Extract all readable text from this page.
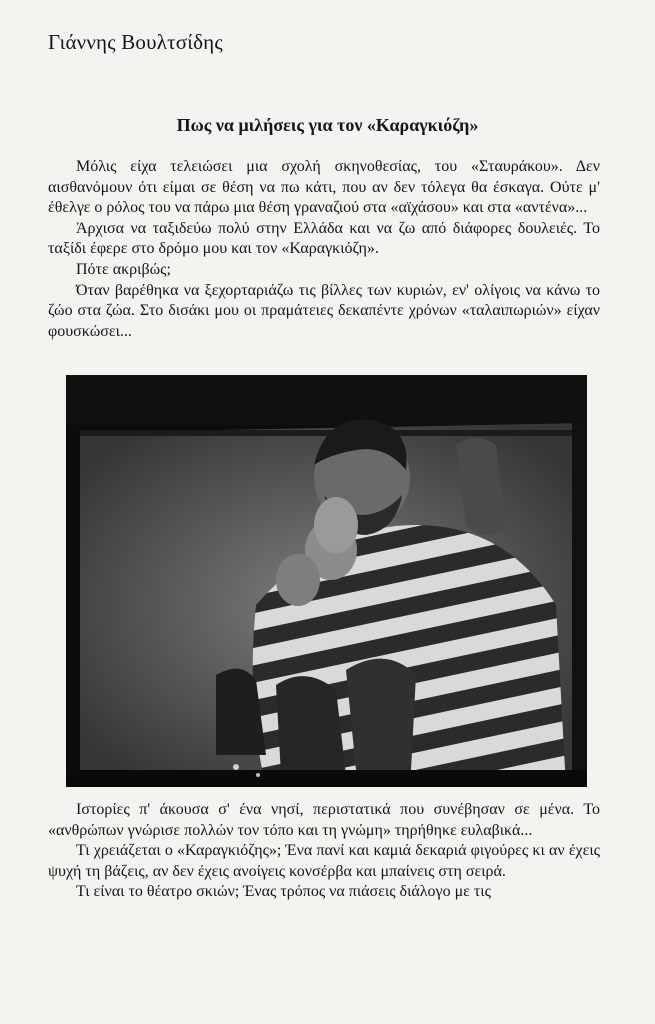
Γιάννης Βουλτσίδης
Πως να μιλήσεις για τον «Καραγκιόζη»

Μόλις είχα τελειώσει μια σχολή σκηνοθεσίας, του «Σταυράκου». Δεν αισθανόμουν ότι είμαι σε θέση να πω κάτι, που αν δεν τόλεγα θα έσκαγα. Ούτε μ' έθελγε ο ρόλος του να πάρω μια θέση γραναζιού στα «αϊχάσου» και στα «αντένα»...

Άρχισα να ταξιδεύω πολύ στην Ελλάδα και να ζω από διάφορες δουλειές. Το ταξίδι έφερε στο δρόμο μου και τον «Καραγκιόζη».

Πότε ακριβώς;

Όταν βαρέθηκα να ξεχορταριάζω τις βίλλες των κυριών, εν' ολίγοις να κάνω το ζώο στα ζώα. Στο δισάκι μου οι πραμάτειες δεκαπέντε χρόνων «ταλαιπωριών» είχαν φουσκώσει...

Ιστορίες π' άκουσα σ' ένα νησί, περιστατικά που συνέβησαν σε μένα. Το «ανθρώπων γνώρισε πολλών τον τόπο και τη γνώμη» τηρήθηκε ευλαβικά...

Τι χρειάζεται ο «Καραγκιόζης»; Ένα πανί και καμιά δεκαριά φιγούρες κι αν έχεις ψυχή τη βάζεις, αν δεν έχεις ανοίγεις κονσέρβα και μπαίνεις στη σειρά.

Τι είναι το θέατρο σκιών; Ένας τρόπος να πιάσεις διάλογο με τις
